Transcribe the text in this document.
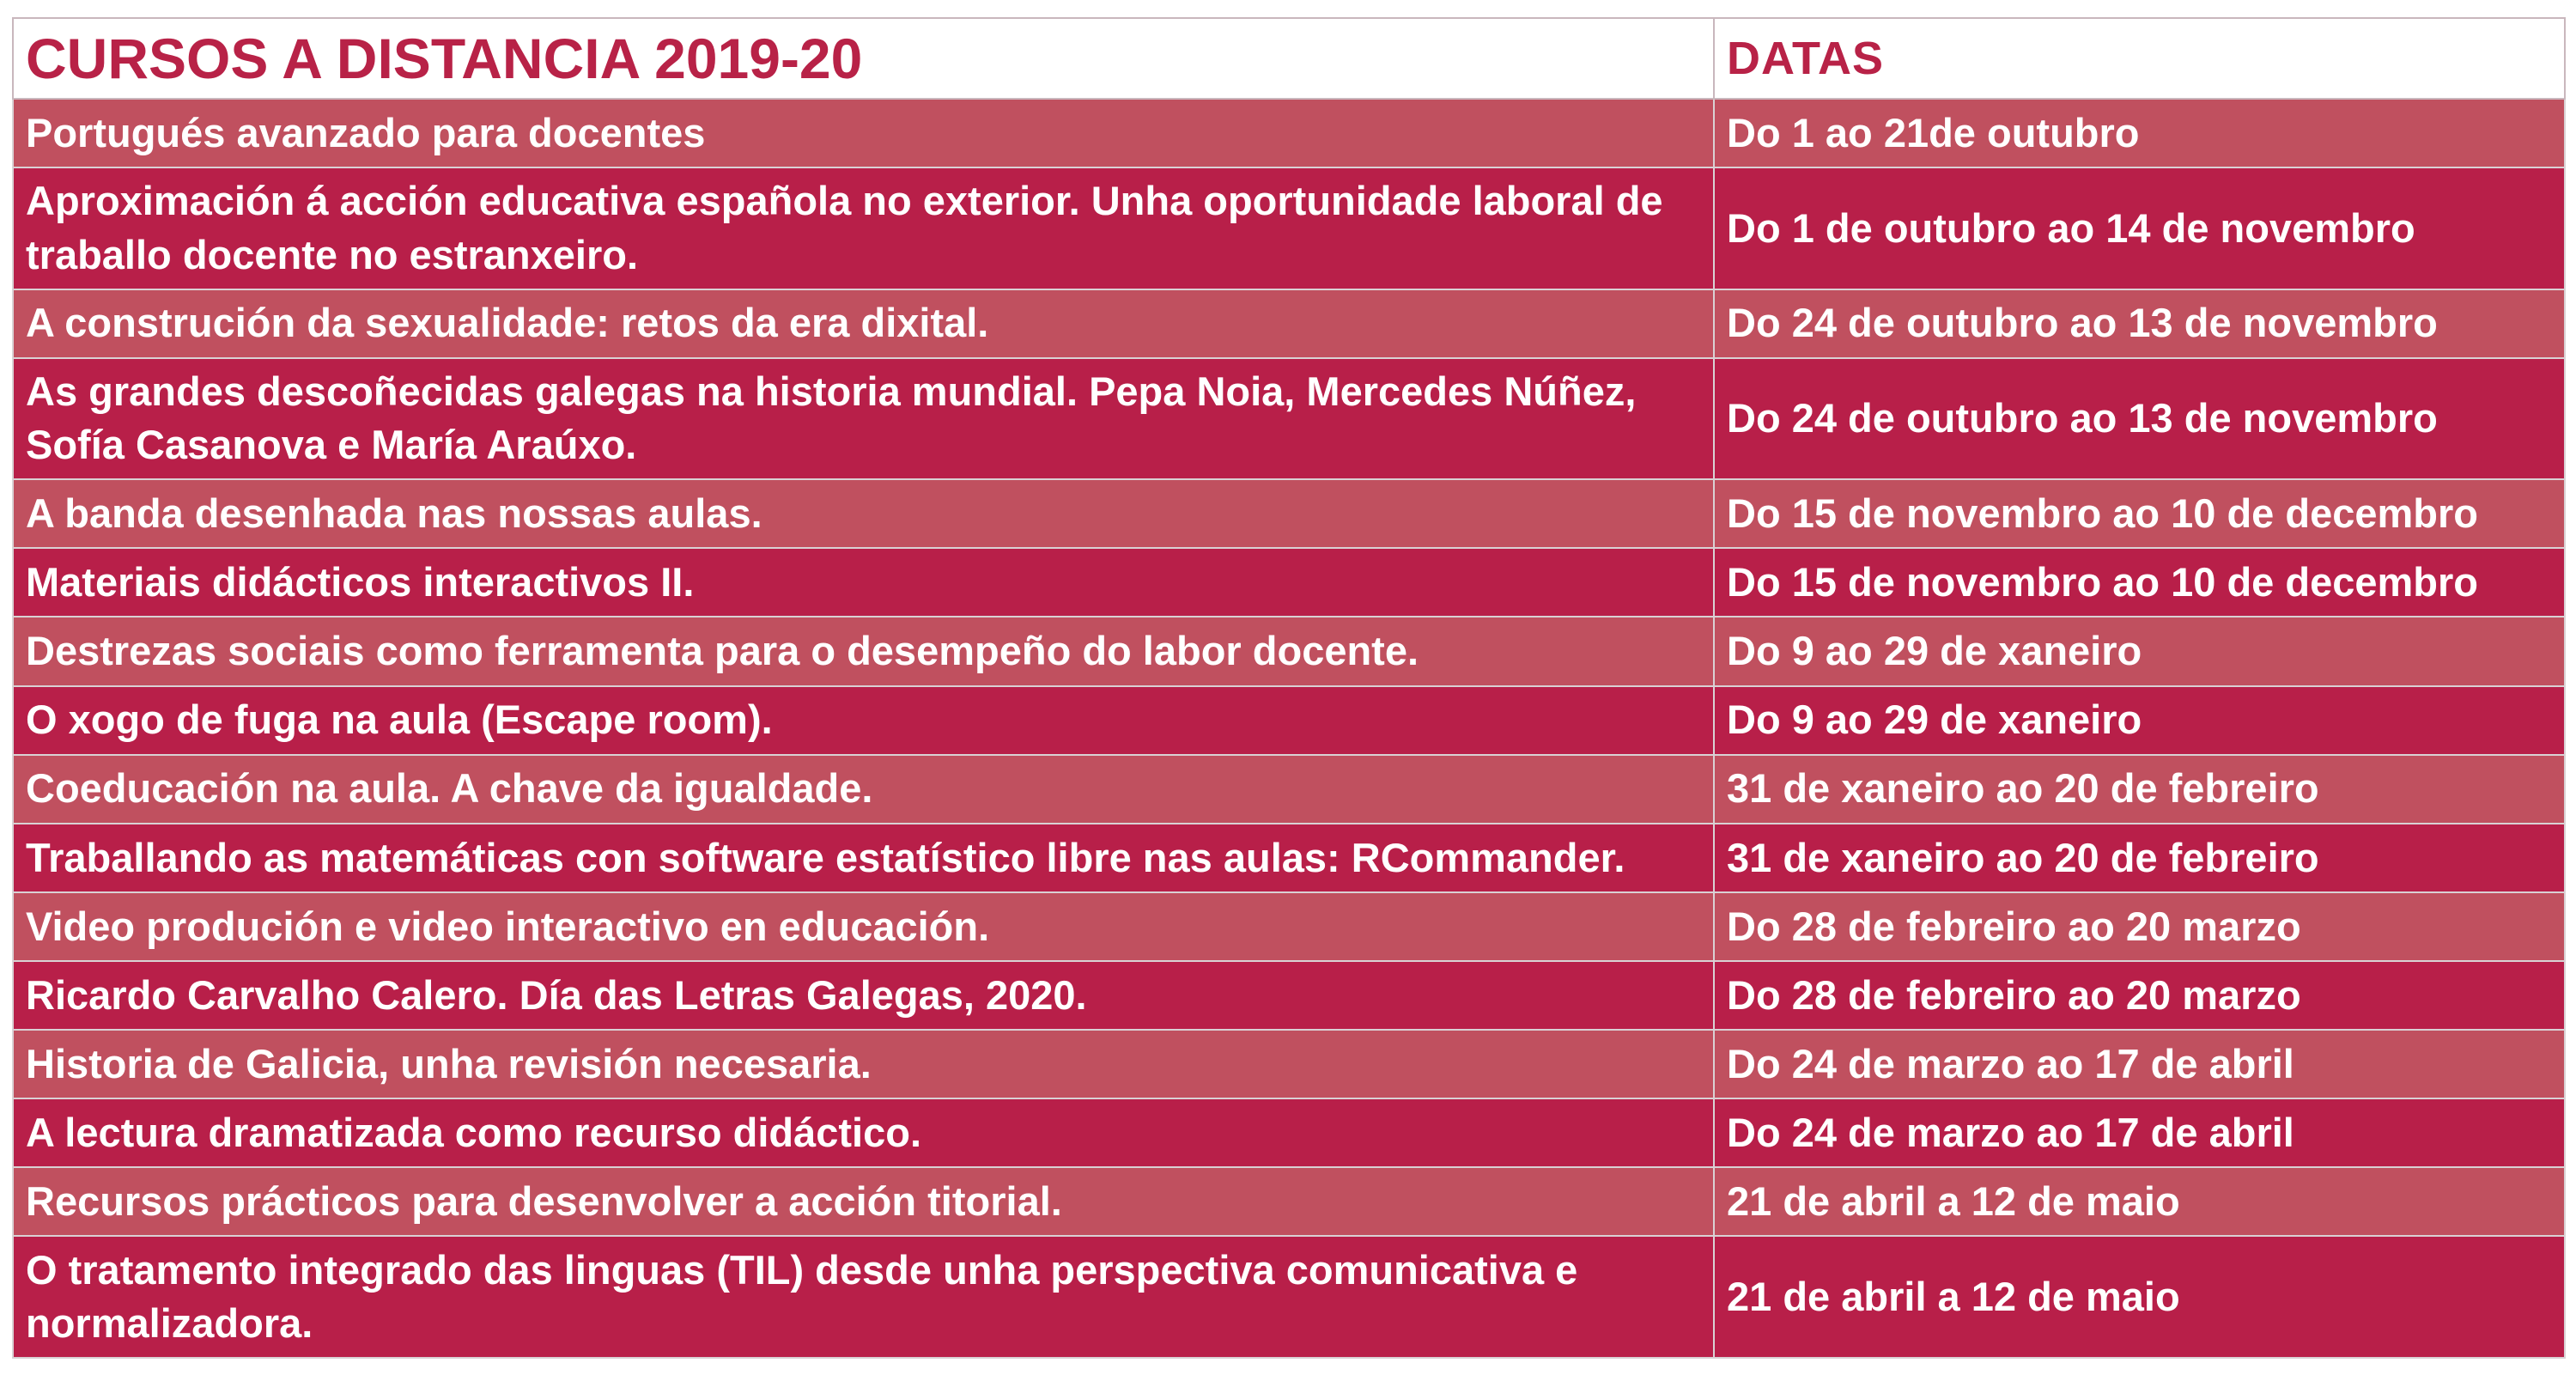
CURSOS A DISTANCIA 2019-20	DATAS
Portugués avanzado para docentes	Do 1 ao 21de outubro
Aproximación á acción educativa española no exterior. Unha oportunidade laboral de traballo docente no estranxeiro.	Do 1 de outubro ao 14 de novembro
A construción da sexualidade: retos da era dixital.	Do 24 de outubro ao 13 de novembro
As grandes descoñecidas galegas na historia mundial. Pepa Noia, Mercedes Núñez, Sofía Casanova e María Araúxo.	Do 24 de outubro ao 13 de novembro
A banda desenhada nas nossas aulas.	Do 15 de novembro ao 10 de decembro
Materiais didácticos interactivos II.	Do 15 de novembro ao 10 de decembro
Destrezas sociais como ferramenta para o desempeño do labor docente.	Do 9 ao 29 de xaneiro
O xogo de fuga na aula (Escape room).	Do 9 ao 29 de xaneiro
Coeducación na aula. A chave da igualdade.	31 de xaneiro ao 20 de febreiro
Traballando as matemáticas con software estatístico libre nas aulas: RCommander.	31 de xaneiro ao 20 de febreiro
Video produción e video interactivo en educación.	Do 28 de febreiro ao 20 marzo
Ricardo Carvalho Calero. Día das Letras Galegas, 2020.	Do 28 de febreiro ao 20 marzo
Historia de Galicia, unha revisión necesaria.	Do 24 de marzo ao 17 de abril
A lectura dramatizada como recurso didáctico.	Do 24 de marzo ao 17 de abril
Recursos prácticos para desenvolver a acción titorial.	21 de abril a 12 de maio
O tratamento integrado das linguas (TIL) desde unha perspectiva comunicativa e normalizadora.	21 de abril a 12 de maio
